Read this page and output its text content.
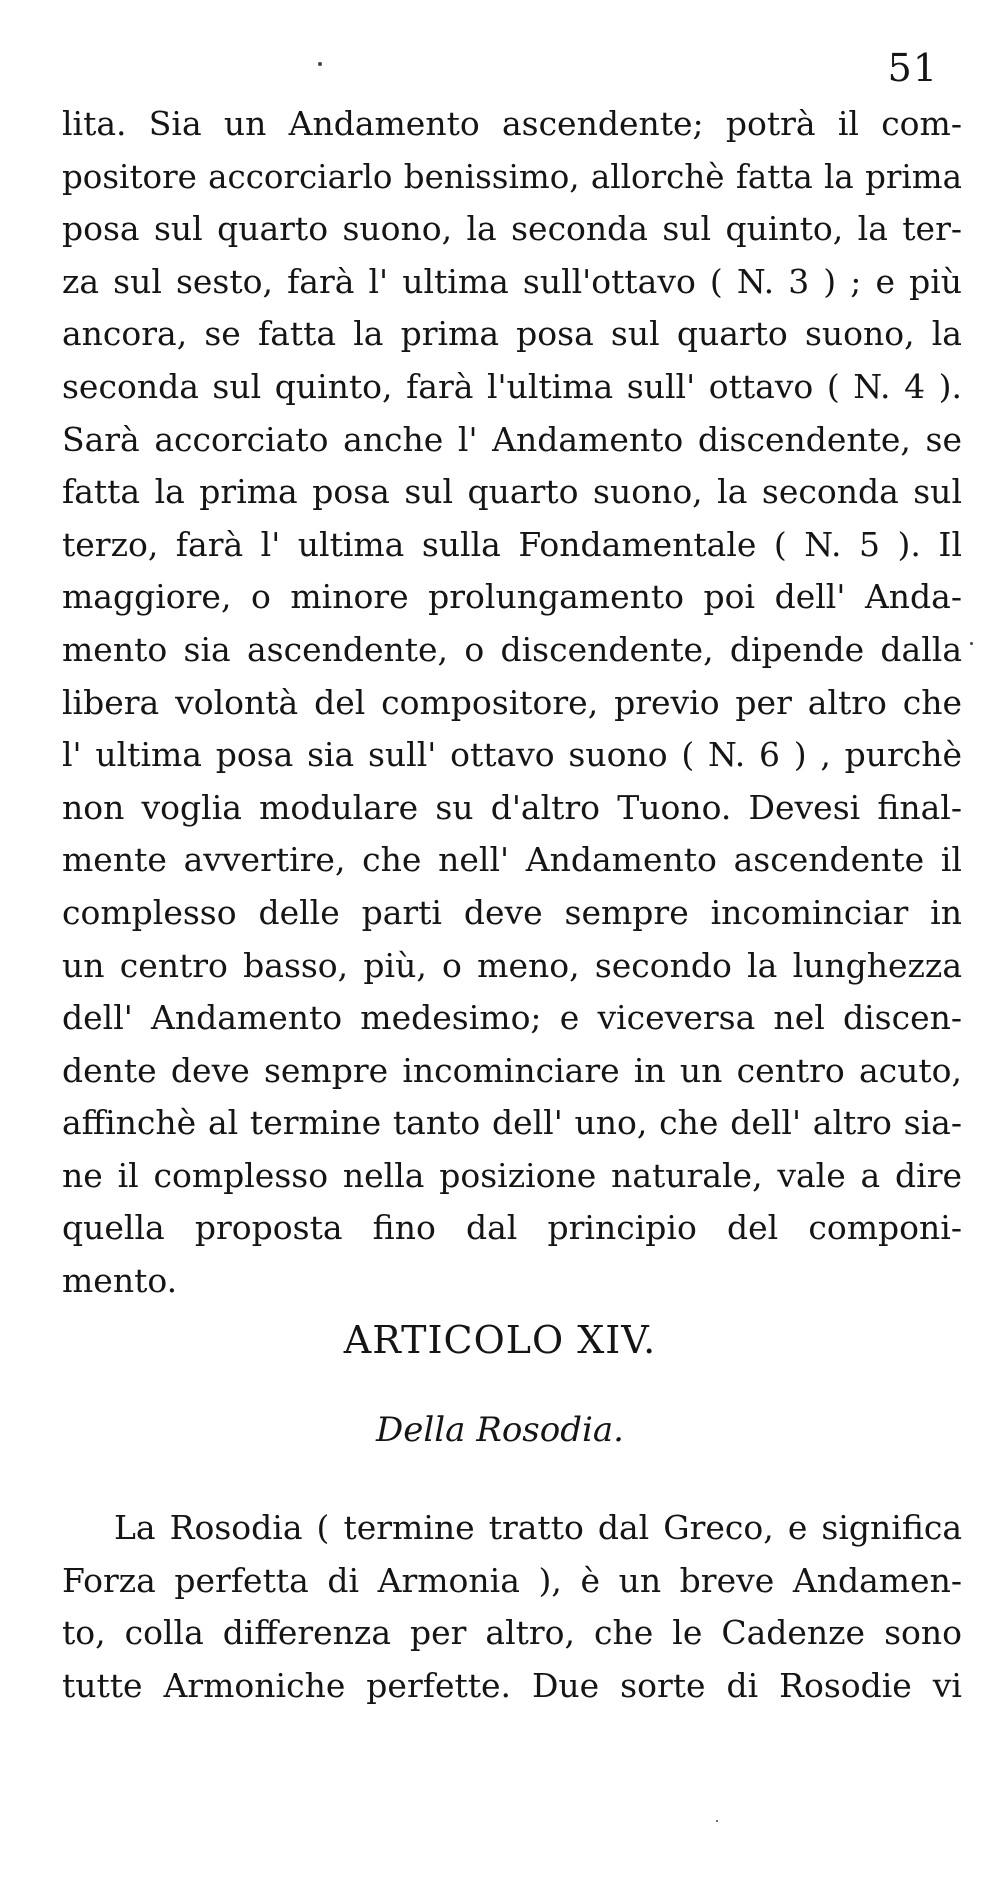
51
lita. Sia un Andamento ascendente; potrà il com-
positore accorciarlo benissimo, allorchè fatta la prima
posa sul quarto suono, la seconda sul quinto, la ter-
za sul sesto, farà l' ultima sull'ottavo ( N. 3 ) ; e più
ancora, se fatta la prima posa sul quarto suono, la
seconda sul quinto, farà l'ultima sull' ottavo ( N. 4 ).
Sarà accorciato anche l' Andamento discendente, se
fatta la prima posa sul quarto suono, la seconda sul
terzo, farà l' ultima sulla Fondamentale ( N. 5 ). Il
maggiore, o minore prolungamento poi dell' Anda-
mento sia ascendente, o discendente, dipende dalla
libera volontà del compositore, previo per altro che
l' ultima posa sia sull' ottavo suono ( N. 6 ) , purchè
non voglia modulare su d'altro Tuono. Devesi final-
mente avvertire, che nell' Andamento ascendente il
complesso delle parti deve sempre incominciar in
un centro basso, più, o meno, secondo la lunghezza
dell' Andamento medesimo; e viceversa nel discen-
dente deve sempre incominciare in un centro acuto,
affinchè al termine tanto dell' uno, che dell' altro sia-
ne il complesso nella posizione naturale, vale a dire
quella proposta fino dal principio del componi-
mento.
ARTICOLO XIV.
Della Rosodia.
La Rosodia ( termine tratto dal Greco, e significa
Forza perfetta di Armonia ), è un breve Andamen-
to, colla differenza per altro, che le Cadenze sono
tutte Armoniche perfette. Due sorte di Rosodie vi
